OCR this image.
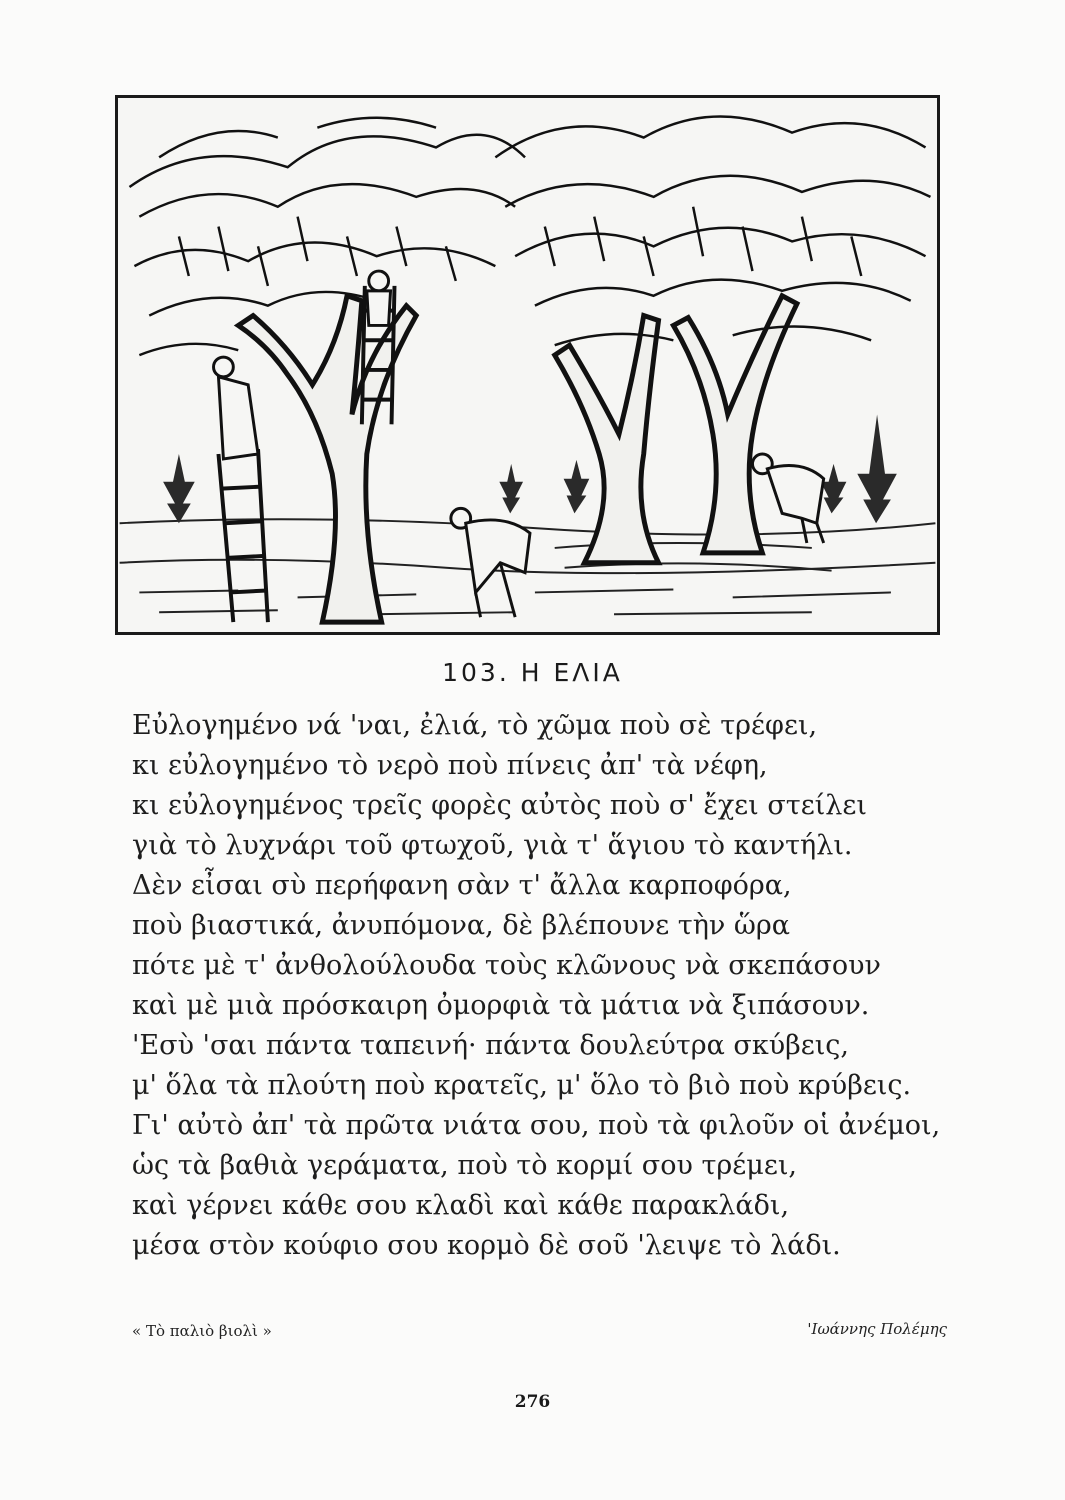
103. Η ΕΛΙΑ
Εὐλογημένο νά 'ναι, ἐλιά, τὸ χῶμα ποὺ σὲ τρέφει,
κι εὐλογημένο τὸ νερὸ ποὺ πίνεις ἀπ' τὰ νέφη,
κι εὐλογημένος τρεῖς φορὲς αὐτὸς ποὺ σ' ἔχει στείλει
γιὰ τὸ λυχνάρι τοῦ φτωχοῦ, γιὰ τ' ἅγιου τὸ καντήλι.
Δὲν εἶσαι σὺ περήφανη σὰν τ' ἄλλα καρποφόρα,
ποὺ βιαστικά, ἀνυπόμονα, δὲ βλέπουνε τὴν ὥρα
πότε μὲ τ' ἀνθολούλουδα τοὺς κλῶνους νὰ σκεπάσουν
καὶ μὲ μιὰ πρόσκαιρη ὀμορφιὰ τὰ μάτια νὰ ξιπάσουν.
'Εσὺ 'σαι πάντα ταπεινή· πάντα δουλεύτρα σκύβεις,
μ' ὅλα τὰ πλούτη ποὺ κρατεῖς, μ' ὅλο τὸ βιὸ ποὺ κρύβεις.
Γι' αὐτὸ ἀπ' τὰ πρῶτα νιάτα σου, ποὺ τὰ φιλοῦν οἱ ἀνέμοι,
ὡς τὰ βαθιὰ γεράματα, ποὺ τὸ κορμί σου τρέμει,
καὶ γέρνει κάθε σου κλαδὶ καὶ κάθε παρακλάδι,
μέσα στὸν κούφιο σου κορμὸ δὲ σοῦ 'λειψε τὸ λάδι.
« Τὸ παλιὸ βιολὶ »	'Ιωάννης Πολέμης
276
